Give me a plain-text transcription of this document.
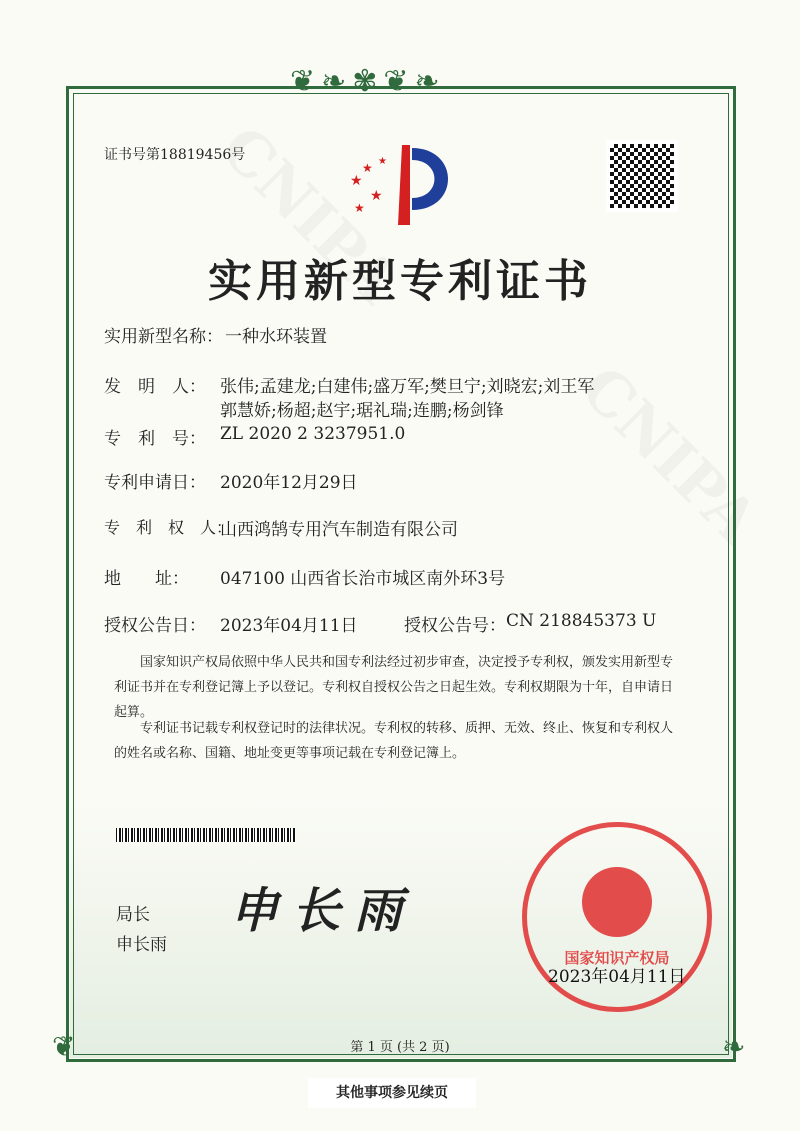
❦❧✾❦❧
❦	❧
证书号第18819456号
★
★
★
★
★
实用新型专利证书
实用新型名称： 一种水环装置
发　明　人： 张伟;孟建龙;白建伟;盛万军;樊旦宁;刘晓宏;刘王军
郭慧娇;杨超;赵宇;琚礼瑞;连鹏;杨剑锋
专　利　号： ZL 2020 2 3237951.0
专利申请日： 2020年12月29日
专　利　权　人：
山西鸿鹄专用汽车制造有限公司
地　　址：	047100 山西省长治市城区南外环3号
授权公告日： 2023年04月11日	授权公告号： CN 218845373 U
国家知识产权局依照中华人民共和国专利法经过初步审查，决定授予专利权，颁发实用新型专利证书并在专利登记簿上予以登记。专利权自授权公告之日起生效。专利权期限为十年，自申请日起算。
专利证书记载专利权登记时的法律状况。专利权的转移、质押、无效、终止、恢复和专利权人的姓名或名称、国籍、地址变更等事项记载在专利登记簿上。
局长
申长雨
申长雨
国家知识产权局
2023年04月11日
第 1 页 (共 2 页)
其他事项参见续页
